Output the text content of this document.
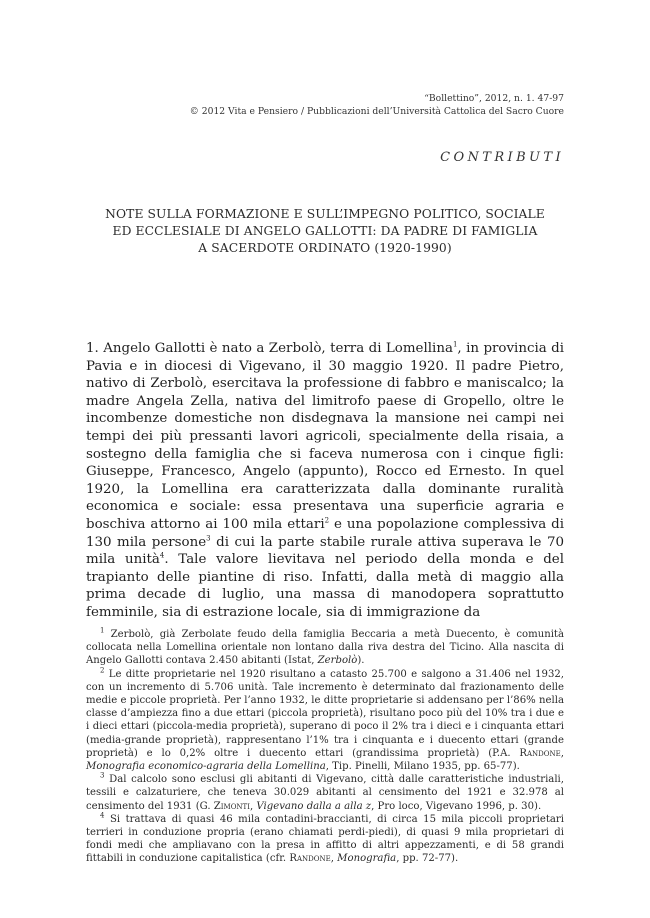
“Bollettino”, 2012, n. 1. 47-97
© 2012 Vita e Pensiero / Pubblicazioni dell’Università Cattolica del Sacro Cuore
CONTRIBUTI
NOTE SULLA FORMAZIONE E SULL’IMPEGNO POLITICO, SOCIALE
ED ECCLESIALE DI ANGELO GALLOTTI: DA PADRE DI FAMIGLIA
A SACERDOTE ORDINATO (1920-1990)
1. Angelo Gallotti è nato a Zerbolò, terra di Lomellina$^1$, in provincia di Pavia e in diocesi di Vigevano, il 30 maggio 1920. Il padre Pietro, nativo di Zerbolò, esercitava la professione di fabbro e maniscalco; la madre Angela Zella, nativa del limitrofo paese di Gropello, oltre le incombenze domestiche non disdegnava la mansione nei campi nei tempi dei più pressanti lavori agricoli, specialmente della risaia, a sostegno della famiglia che si faceva numerosa con i cinque figli: Giuseppe, Francesco, Angelo (appunto), Rocco ed Ernesto. In quel 1920, la Lomellina era caratterizzata dalla dominante ruralità economica e sociale: essa presentava una superficie agraria e boschiva attorno ai 100 mila ettari$^2$ e una popolazione complessiva di 130 mila persone$^3$ di cui la parte stabile rurale attiva superava le 70 mila unità$^4$. Tale valore lievitava nel periodo della monda e del trapianto delle piantine di riso. Infatti, dalla metà di maggio alla prima decade di luglio, una massa di manodopera soprattutto femminile, sia di estrazione locale, sia di immigrazione da

$^1$ Zerbolò, già Zerbolate feudo della famiglia Beccaria a metà Duecento, è comunità collocata nella Lomellina orientale non lontano dalla riva destra del Ticino. Alla nascita di Angelo Gallotti contava 2.450 abitanti (Istat, Zerbolò).

$^2$ Le ditte proprietarie nel 1920 risultano a catasto 25.700 e salgono a 31.406 nel 1932, con un incremento di 5.706 unità. Tale incremento è determinato dal frazionamento delle medie e piccole proprietà. Per l’anno 1932, le ditte proprietarie si addensano per l’86% nella classe d’ampiezza fino a due ettari (piccola proprietà), risultano poco più del 10% tra i due e i dieci ettari (piccola-media proprietà), superano di poco il 2% tra i dieci e i cinquanta ettari (media-grande proprietà), rappresentano l’1% tra i cinquanta e i duecento ettari (grande proprietà) e lo 0,2% oltre i duecento ettari (grandissima proprietà) (P.A. Randone, Monografia economico-agraria della Lomellina, Tip. Pinelli, Milano 1935, pp. 65-77).

$^3$ Dal calcolo sono esclusi gli abitanti di Vigevano, città dalle caratteristiche industriali, tessili e calzaturiere, che teneva 30.029 abitanti al censimento del 1921 e 32.978 al censimento del 1931 (G. Zimonti, Vigevano dalla a alla z, Pro loco, Vigevano 1996, p. 30).

$^4$ Si trattava di quasi 46 mila contadini-braccianti, di circa 15 mila piccoli proprietari terrieri in conduzione propria (erano chiamati perdi-piedi), di quasi 9 mila proprietari di fondi medi che ampliavano con la presa in affitto di altri appezzamenti, e di 58 grandi fittabili in conduzione capitalistica (cfr. Randone, Monografia, pp. 72-77).
